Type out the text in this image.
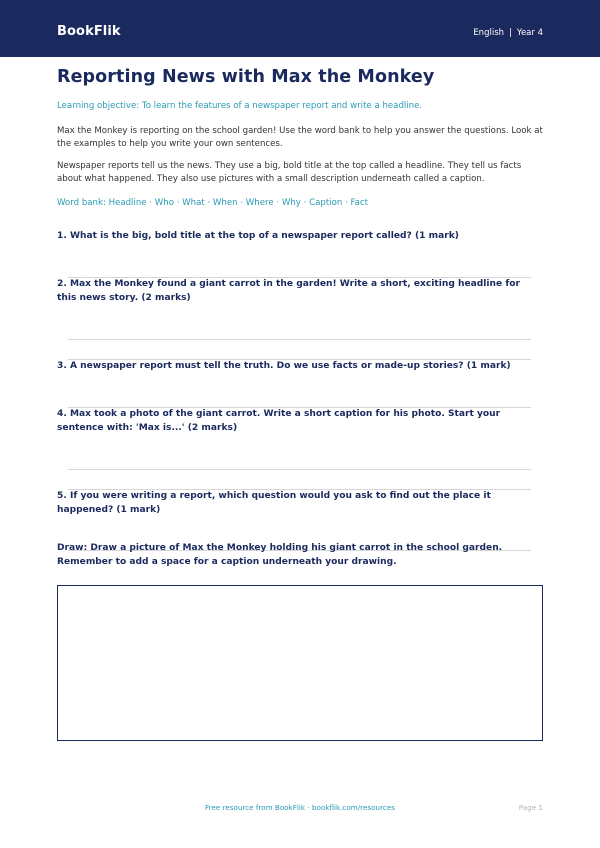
BookFlik	English | Year 4
Reporting News with Max the Monkey
Learning objective: To learn the features of a newspaper report and write a headline.
Max the Monkey is reporting on the school garden! Use the word bank to help you answer the questions. Look at the examples to help you write your own sentences.
Newspaper reports tell us the news. They use a big, bold title at the top called a headline. They tell us facts about what happened. They also use pictures with a small description underneath called a caption.
Word bank: Headline · Who · What · When · Where · Why · Caption · Fact
1. What is the big, bold title at the top of a newspaper report called? (1 mark)
2. Max the Monkey found a giant carrot in the garden! Write a short, exciting headline for this news story. (2 marks)
3. A newspaper report must tell the truth. Do we use facts or made-up stories? (1 mark)
4. Max took a photo of the giant carrot. Write a short caption for his photo. Start your sentence with: 'Max is...' (2 marks)
5. If you were writing a report, which question would you ask to find out the place it happened? (1 mark)
Draw: Draw a picture of Max the Monkey holding his giant carrot in the school garden. Remember to add a space for a caption underneath your drawing.
Free resource from BookFlik · bookflik.com/resources	Page 1
